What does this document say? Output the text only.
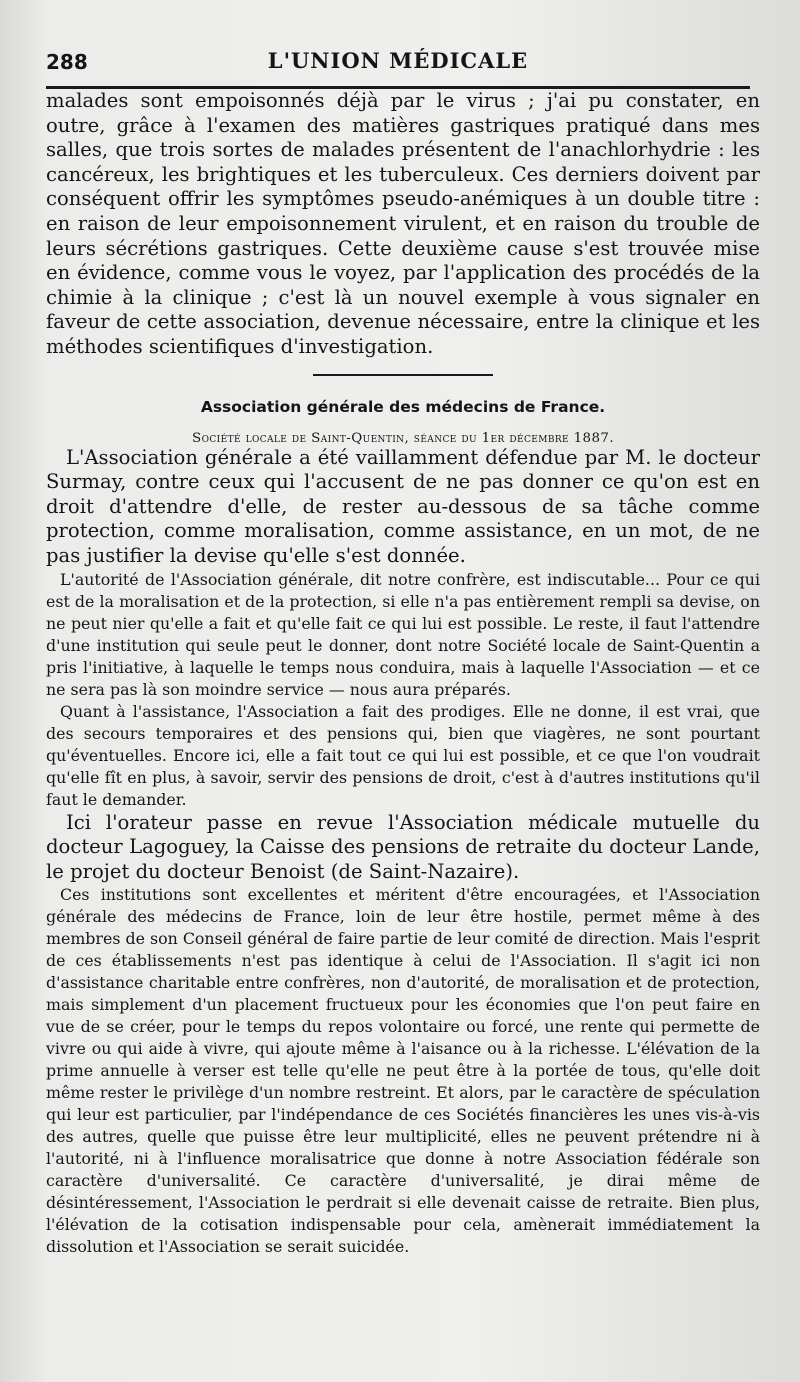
288	L'UNION MÉDICALE

malades sont empoisonnés déjà par le virus ; j'ai pu constater, en outre, grâce à l'examen des matières gastriques pratiqué dans mes salles, que trois sortes de malades présentent de l'anachlorhydrie : les cancéreux, les brightiques et les tuberculeux. Ces derniers doivent par conséquent offrir les symptômes pseudo-anémiques à un double titre : en raison de leur empoisonnement virulent, et en raison du trouble de leurs sécrétions gastriques. Cette deuxième cause s'est trouvée mise en évidence, comme vous le voyez, par l'application des procédés de la chimie à la clinique ; c'est là un nouvel exemple à vous signaler en faveur de cette association, devenue nécessaire, entre la clinique et les méthodes scientifiques d'investigation.

Association générale des médecins de France.
Société locale de Saint-Quentin, séance du 1er décembre 1887.

L'Association générale a été vaillamment défendue par M. le docteur Surmay, contre ceux qui l'accusent de ne pas donner ce qu'on est en droit d'attendre d'elle, de rester au-dessous de sa tâche comme protection, comme moralisation, comme assistance, en un mot, de ne pas justifier la devise qu'elle s'est donnée.

L'autorité de l'Association générale, dit notre confrère, est indiscutable... Pour ce qui est de la moralisation et de la protection, si elle n'a pas entièrement rempli sa devise, on ne peut nier qu'elle a fait et qu'elle fait ce qui lui est possible. Le reste, il faut l'attendre d'une institution qui seule peut le donner, dont notre Société locale de Saint-Quentin a pris l'initiative, à laquelle le temps nous conduira, mais à laquelle l'Association — et ce ne sera pas là son moindre service — nous aura préparés.

Quant à l'assistance, l'Association a fait des prodiges. Elle ne donne, il est vrai, que des secours temporaires et des pensions qui, bien que viagères, ne sont pourtant qu'éventuelles. Encore ici, elle a fait tout ce qui lui est possible, et ce que l'on voudrait qu'elle fît en plus, à savoir, servir des pensions de droit, c'est à d'autres institutions qu'il faut le demander.

Ici l'orateur passe en revue l'Association médicale mutuelle du docteur Lagoguey, la Caisse des pensions de retraite du docteur Lande, le projet du docteur Benoist (de Saint-Nazaire).

Ces institutions sont excellentes et méritent d'être encouragées, et l'Association générale des médecins de France, loin de leur être hostile, permet même à des membres de son Conseil général de faire partie de leur comité de direction. Mais l'esprit de ces établissements n'est pas identique à celui de l'Association. Il s'agit ici non d'assistance charitable entre confrères, non d'autorité, de moralisation et de protection, mais simplement d'un placement fructueux pour les économies que l'on peut faire en vue de se créer, pour le temps du repos volontaire ou forcé, une rente qui permette de vivre ou qui aide à vivre, qui ajoute même à l'aisance ou à la richesse. L'élévation de la prime annuelle à verser est telle qu'elle ne peut être à la portée de tous, qu'elle doit même rester le privilège d'un nombre restreint. Et alors, par le caractère de spéculation qui leur est particulier, par l'indépendance de ces Sociétés financières les unes vis-à-vis des autres, quelle que puisse être leur multiplicité, elles ne peuvent prétendre ni à l'autorité, ni à l'influence moralisatrice que donne à notre Association fédérale son caractère d'universalité. Ce caractère d'universalité, je dirai même de désintéressement, l'Association le perdrait si elle devenait caisse de retraite. Bien plus, l'élévation de la cotisation indispensable pour cela, amènerait immédiatement la dissolution et l'Association se serait suicidée.
